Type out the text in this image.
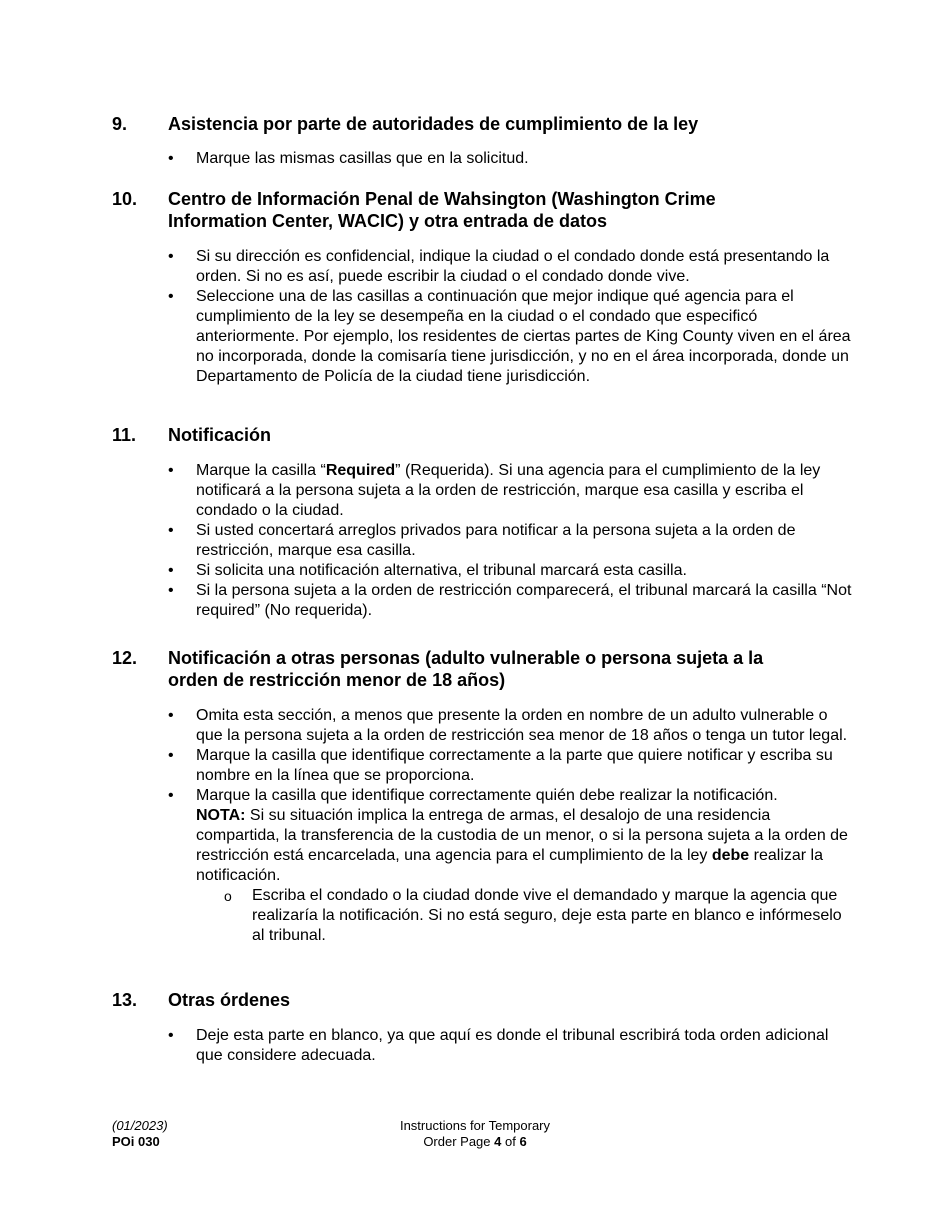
9. Asistencia por parte de autoridades de cumplimiento de la ley
•	Marque las mismas casillas que en la solicitud.
10. Centro de Información Penal de Wahsington (Washington Crime
Information Center, WACIC) y otra entrada de datos
•	Si su dirección es confidencial, indique la ciudad o el condado donde está presentando la orden. Si no es así, puede escribir la ciudad o el condado donde vive.
•	Seleccione una de las casillas a continuación que mejor indique qué agencia para el cumplimiento de la ley se desempeña en la ciudad o el condado que especificó anteriormente. Por ejemplo, los residentes de ciertas partes de King County viven en el área no incorporada, donde la comisaría tiene jurisdicción, y no en el área incorporada, donde un Departamento de Policía de la ciudad tiene jurisdicción.
11. Notificación
•	Marque la casilla “Required” (Requerida). Si una agencia para el cumplimiento de la ley notificará a la persona sujeta a la orden de restricción, marque esa casilla y escriba el condado o la ciudad.
•	Si usted concertará arreglos privados para notificar a la persona sujeta a la orden de restricción, marque esa casilla.
•	Si solicita una notificación alternativa, el tribunal marcará esta casilla.
•	Si la persona sujeta a la orden de restricción comparecerá, el tribunal marcará la casilla “Not required” (No requerida).
12. Notificación a otras personas (adulto vulnerable o persona sujeta a la
orden de restricción menor de 18 años)
•	Omita esta sección, a menos que presente la orden en nombre de un adulto vulnerable o que la persona sujeta a la orden de restricción sea menor de 18 años o tenga un tutor legal.
•	Marque la casilla que identifique correctamente a la parte que quiere notificar y escriba su nombre en la línea que se proporciona.
•	Marque la casilla que identifique correctamente quién debe realizar la notificación.
NOTA: Si su situación implica la entrega de armas, el desalojo de una residencia compartida, la transferencia de la custodia de un menor, o si la persona sujeta a la orden de restricción está encarcelada, una agencia para el cumplimiento de la ley debe realizar la notificación.
o Escriba el condado o la ciudad donde vive el demandado y marque la agencia que realizaría la notificación. Si no está seguro, deje esta parte en blanco e infórmeselo al tribunal.
13. Otras órdenes
•	Deje esta parte en blanco, ya que aquí es donde el tribunal escribirá toda orden adicional que considere adecuada.
(01/2023)
POi 030
Instructions for Temporary
Order Page 4 of 6
